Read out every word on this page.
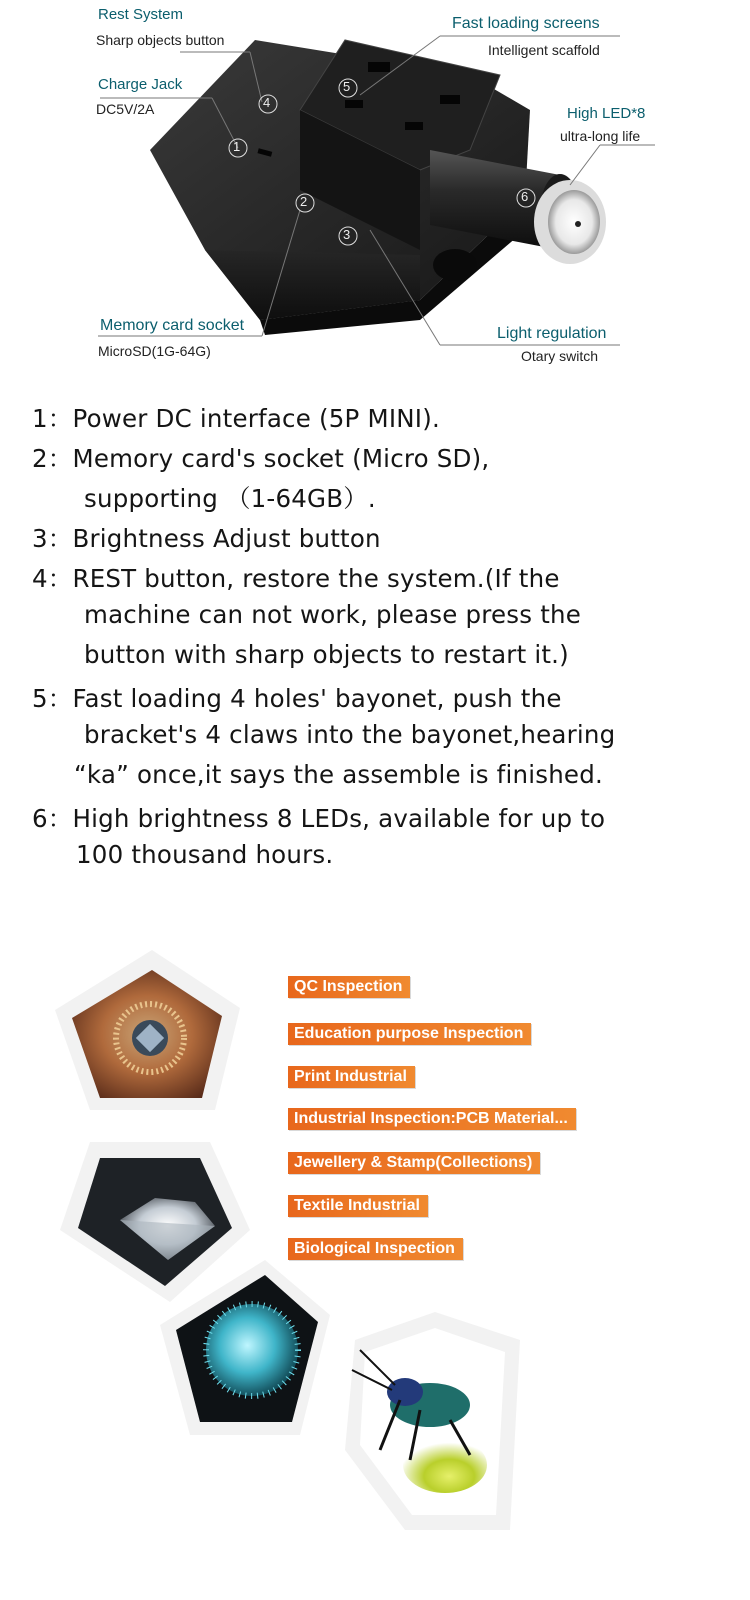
1
2
3
4
5
6
Rest System
Sharp objects button
Charge Jack
DC5V/2A
Fast loading screens
Intelligent scaffold
High LED*8
ultra-long life
Memory card socket
MicroSD(1G-64G)
Light regulation
Otary switch
1：Power DC interface (5P MINI).
2：Memory card's socket (Micro SD),
supporting （1-64GB）.
3：Brightness Adjust button
4：REST button, restore the system.(If the
machine can not work, please press the
button with sharp objects to restart it.)
5：Fast loading 4 holes' bayonet, push the
bracket's 4 claws into the bayonet,hearing
“ka” once,it says the assemble is finished.
6：High brightness 8 LEDs, available for up to
100 thousand hours.
QC Inspection
Education purpose Inspection
Print Industrial
Industrial Inspection:PCB Material...
Jewellery & Stamp(Collections)
Textile Industrial
Biological Inspection
